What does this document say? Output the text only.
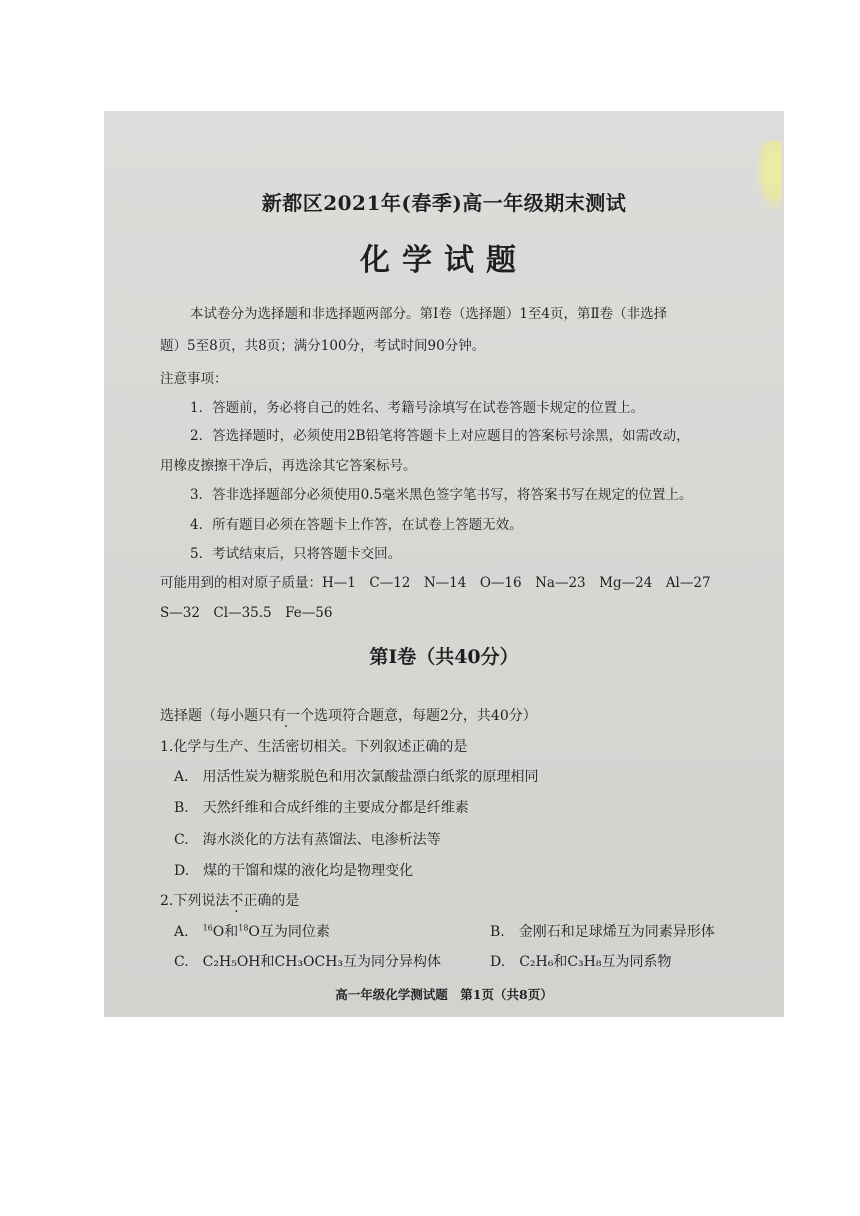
新都区2021年(春季)高一年级期末测试
化学试题
本试卷分为选择题和非选择题两部分。第Ⅰ卷（选择题）1至4页，第Ⅱ卷（非选择
题）5至8页，共8页；满分100分，考试时间90分钟。
注意事项：
1．答题前，务必将自己的姓名、考籍号涂填写在试卷答题卡规定的位置上。
2．答选择题时，必须使用2B铅笔将答题卡上对应题目的答案标号涂黑，如需改动，
用橡皮擦擦干净后，再选涂其它答案标号。
3．答非选择题部分必须使用0.5毫米黑色签字笔书写，将答案书写在规定的位置上。
4．所有题目必须在答题卡上作答，在试卷上答题无效。
5．考试结束后，只将答题卡交回。
可能用到的相对原子质量：H—1　C—12　N—14　O—16　Na—23　Mg—24　Al—27
S—32　Cl—35.5　Fe—56
第Ⅰ卷（共40分）
选择题（每小题只有一个选项符合题意，每题2分，共40分）
1.化学与生产、生活密切相关。下列叙述正确的是
A.　用活性炭为糖浆脱色和用次氯酸盐漂白纸浆的原理相同
B.　天然纤维和合成纤维的主要成分都是纤维素
C.　海水淡化的方法有蒸馏法、电渗析法等
D.　煤的干馏和煤的液化均是物理变化
2.下列说法不正确的是
A.　$^{16}$O和$^{18}$O互为同位素	B.　金刚石和足球烯互为同素异形体
C.　C₂H₅OH和CH₃OCH₃互为同分异构体	D.　C₂H₆和C₃H₈互为同系物
高一年级化学测试题　第1页（共8页）
